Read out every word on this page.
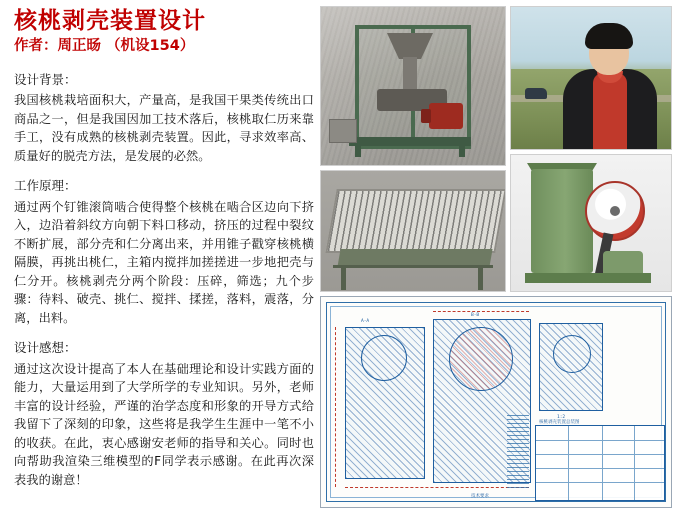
核桃剥壳装置设计
作者：周正旸 （机设154）
设计背景：

我国核桃栽培面积大，产量高，是我国干果类传统出口商品之一，但是我国因加工技术落后，核桃取仁历来靠手工，没有成熟的核桃剥壳装置。因此，寻求效率高、质量好的脱壳方法，是发展的必然。

工作原理：

通过两个钉锥滚筒啮合使得整个核桃在啮合区边向下挤入，边沿着斜纹方向朝下料口移动，挤压的过程中裂纹不断扩展，部分壳和仁分离出来，并用锥子戳穿核桃横隔膜，再挑出桃仁，主箱内搅拌加搓搓进一步地把壳与仁分开。核桃剥壳分两个阶段：压碎，筛选；九个步骤：待料、破壳、挑仁、搅拌、揉搓，落料，震落，分离，出料。

设计感想：

通过这次设计提高了本人在基础理论和设计实践方面的能力，大量运用到了大学所学的专业知识。另外，老师丰富的设计经验，严谨的治学态度和形象的开导方式给我留下了深刻的印象，这些将是我学生生涯中一笔不小的收获。在此，衷心感谢安老师的指导和关心。同时也向帮助我渲染三维模型的F同学表示感谢。在此再次深表我的谢意！

A-A
B-B
1:2
技术要求
核桃剥壳装置总装图
